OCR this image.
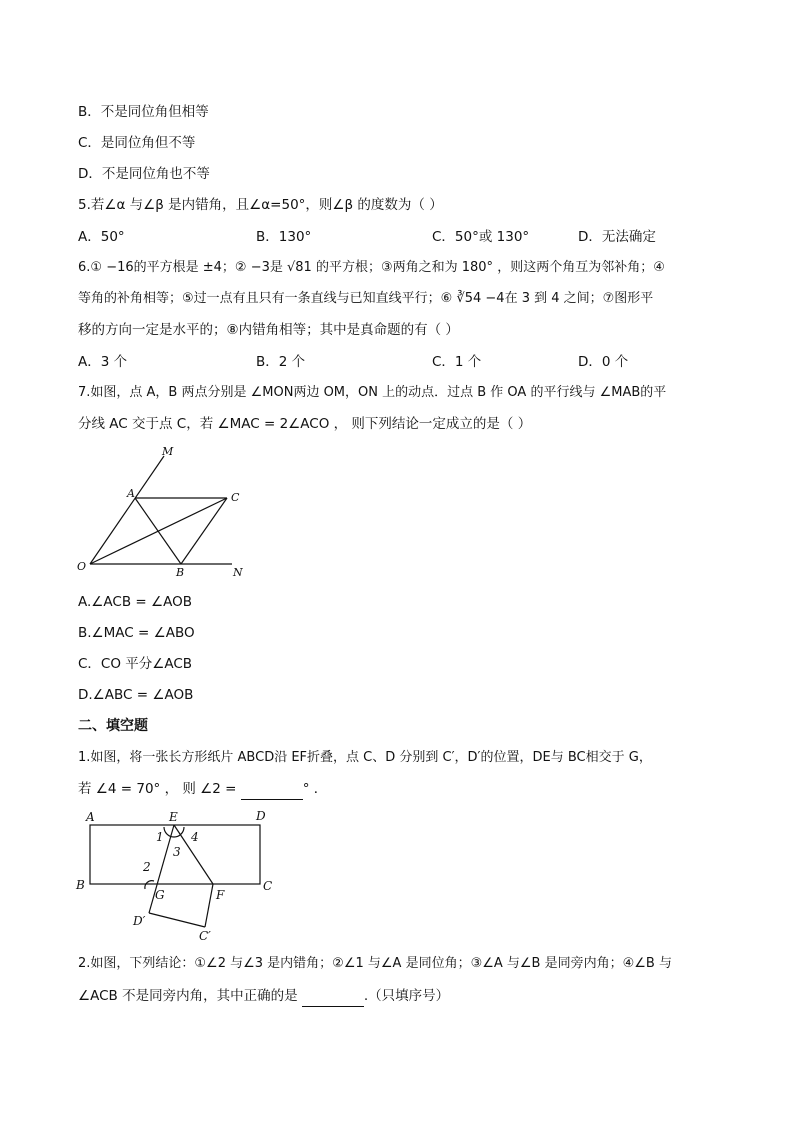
B．不是同位角但相等
C．是同位角但不等
D．不是同位角也不等
5.若∠α 与∠β 是内错角，且∠α=50°，则∠β 的度数为（ ）
A．50°	B．130°	C．50°或 130°	D．无法确定
6.① −16的平方根是 ±4；② −3是 √81 的平方根；③两角之和为 180° ，则这两个角互为邻补角；④
等角的补角相等；⑤过一点有且只有一条直线与已知直线平行；⑥ ∛54 −4在 3 到 4 之间；⑦图形平
移的方向一定是水平的；⑧内错角相等；其中是真命题的有（ ）
A．3 个	B．2 个	C．1 个	D．0 个
7.如图，点 A，B 两点分别是 ∠MON两边 OM，ON 上的动点．过点 B 作 OA 的平行线与 ∠MAB的平
分线 AC 交于点 C，若 ∠MAC = 2∠ACO ， 则下列结论一定成立的是（ ）
M
A	C
O	B	N
A.∠ACB = ∠AOB
B.∠MAC = ∠ABO
C．CO 平分∠ACB
D.∠ABC = ∠AOB
二、填空题
1.如图，将一张长方形纸片 ABCD沿 EF折叠，点 C、D 分别到 C′，D′的位置，DE与 BC相交于 G，
若 ∠4 = 70° ， 则 ∠2 =	° ．
A	E	D
B
G	F
C
D′
C′
1 4
3
2
2.如图，下列结论：①∠2 与∠3 是内错角；②∠1 与∠A 是同位角；③∠A 与∠B 是同旁内角；④∠B 与
∠ACB 不是同旁内角，其中正确的是	.（只填序号）
